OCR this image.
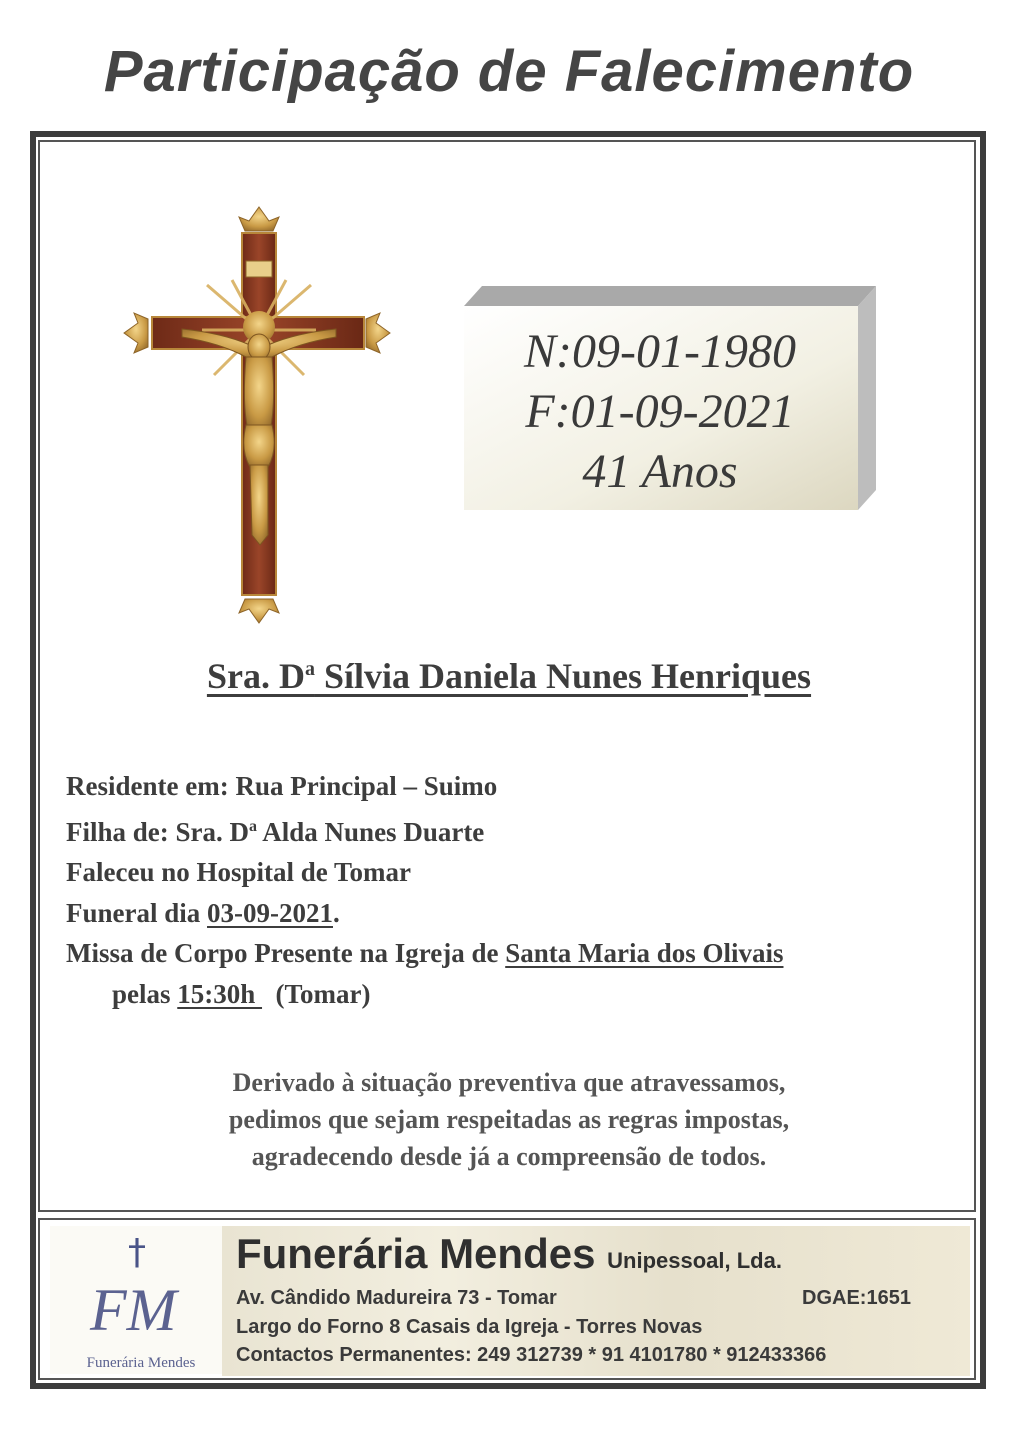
Participação de Falecimento
N:09-01-1980
F:01-09-2021
41 Anos
Sra. $D^a$ Sílvia Daniela Nunes Henriques
Residente em: Rua Principal – Suimo
Filha de: Sra. $D^a$ Alda Nunes Duarte
Faleceu no Hospital de Tomar
Funeral dia 03-09-2021.
Missa de Corpo Presente na Igreja de Santa Maria dos Olivais
pelas 15:30h   (Tomar)
Derivado à situação preventiva que atravessamos,
pedimos que sejam respeitadas as regras impostas,
agradecendo desde já a compreensão de todos.
†
FM
Funerária Mendes
Funerária Mendes Unipessoal, Lda.
Av. Cândido Madureira 73 - Tomar	DGAE:1651
Largo do Forno 8 Casais da Igreja - Torres Novas
Contactos Permanentes: 249 312739 * 91 4101780 * 912433366
